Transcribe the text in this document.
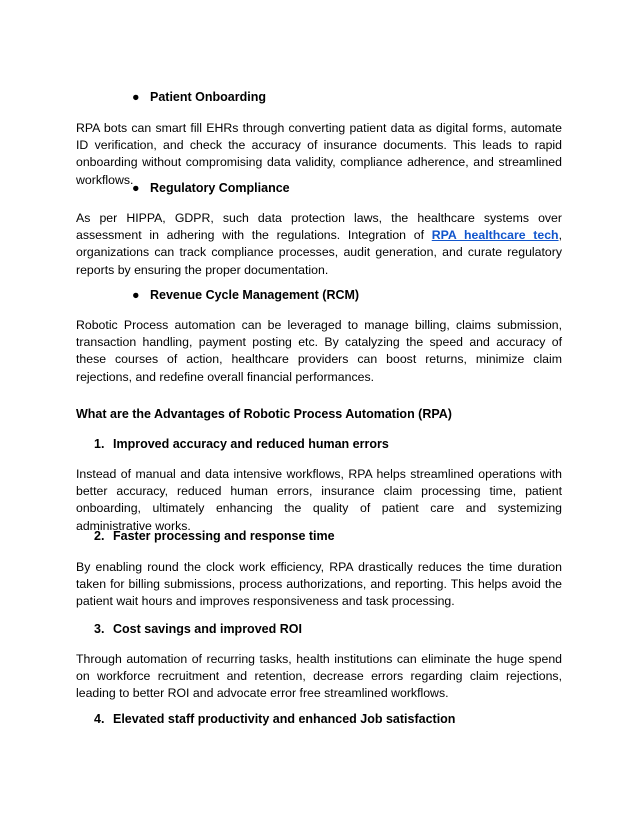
● Patient Onboarding

RPA bots can smart fill EHRs through converting patient data as digital forms, automate ID verification, and check the accuracy of insurance documents. This leads to rapid onboarding without compromising data validity, compliance adherence, and streamlined workflows.

● Regulatory Compliance

As per HIPPA, GDPR, such data protection laws, the healthcare systems over assessment in adhering with the regulations. Integration of RPA healthcare tech, organizations can track compliance processes, audit generation, and curate regulatory reports by ensuring the proper documentation.

● Revenue Cycle Management (RCM)

Robotic Process automation can be leveraged to manage billing, claims submission, transaction handling, payment posting etc. By catalyzing the speed and accuracy of these courses of action, healthcare providers can boost returns, minimize claim rejections, and redefine overall financial performances.

What are the Advantages of Robotic Process Automation (RPA)
1. Improved accuracy and reduced human errors

Instead of manual and data intensive workflows, RPA helps streamlined operations with better accuracy, reduced human errors, insurance claim processing time, patient onboarding, ultimately enhancing the quality of patient care and systemizing administrative works.

2. Faster processing and response time

By enabling round the clock work efficiency, RPA drastically reduces the time duration taken for billing submissions, process authorizations, and reporting. This helps avoid the patient wait hours and improves responsiveness and task processing.

3. Cost savings and improved ROI

Through automation of recurring tasks, health institutions can eliminate the huge spend on workforce recruitment and retention, decrease errors regarding claim rejections, leading to better ROI and advocate error free streamlined workflows.

4. Elevated staff productivity and enhanced Job satisfaction
